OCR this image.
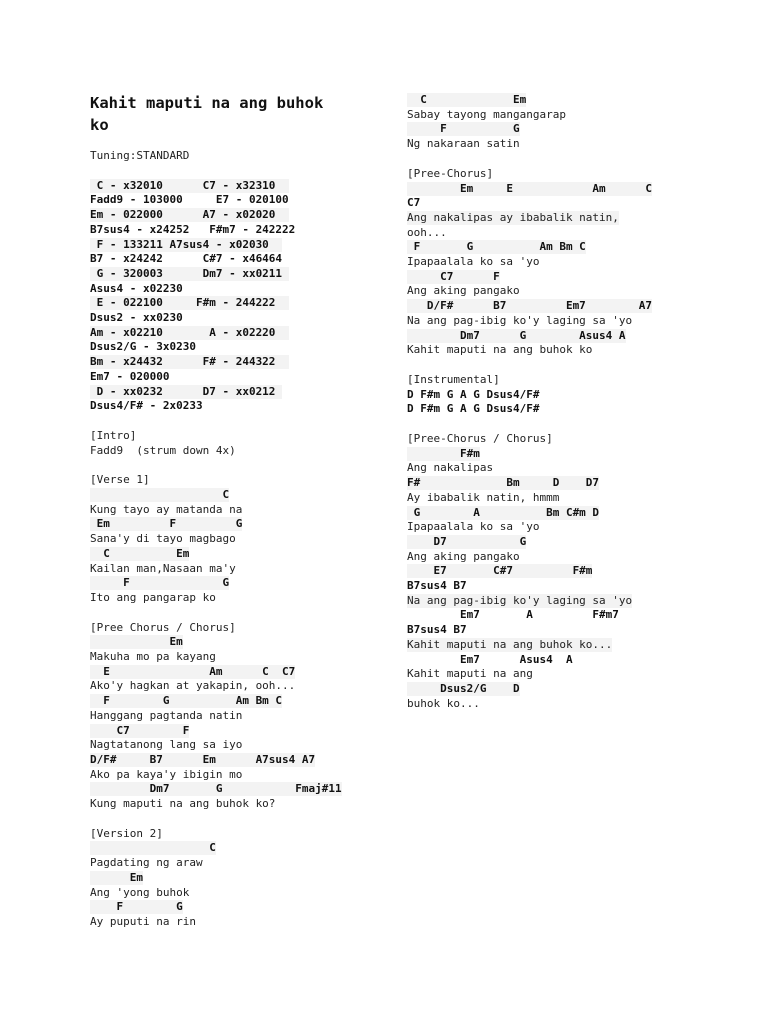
Kahit maputi na ang buhok
ko
Tuning:STANDARD
C - x32010      C7 - x32310
Fadd9 - 103000     E7 - 020100
Em - 022000      A7 - x02020
B7sus4 - x24252   F#m7 - 242222
F - 133211 A7sus4 - x02030
B7 - x24242      C#7 - x46464
G - 320003      Dm7 - xx0211
Asus4 - x02230
E - 022100     F#m - 244222
Dsus2 - xx0230
Am - x02210       A - x02220
Dsus2/G - 3x0230
Bm - x24432      F# - 244322
Em7 - 020000
D - xx0232      D7 - xx0212
Dsus4/F# - 2x0233
[Intro]
Fadd9  (strum down 4x)
[Verse 1]
C
Kung tayo ay matanda na
Em         F         G
Sana'y di tayo magbago
C          Em
Kailan man,Nasaan ma'y
F              G
Ito ang pangarap ko
[Pree Chorus / Chorus]
Em
Makuha mo pa kayang
E               Am      C  C7
Ako'y hagkan at yakapin, ooh...
F        G          Am Bm C
Hanggang pagtanda natin
C7        F
Nagtatanong lang sa iyo
D/F#     B7      Em      A7sus4 A7
Ako pa kaya'y ibigin mo
Dm7       G           Fmaj#11
Kung maputi na ang buhok ko?
[Version 2]
C
Pagdating ng araw
Em
Ang 'yong buhok
F        G
Ay puputi na rin
C             Em
Sabay tayong mangangarap
F          G
Ng nakaraan satin
[Pree-Chorus]
Em     E            Am      C
C7
Ang nakalipas ay ibabalik natin,
ooh...
F       G          Am Bm C
Ipapaalala ko sa 'yo
C7      F
Ang aking pangako
D/F#      B7         Em7        A7
Na ang pag-ibig ko'y laging sa 'yo
Dm7      G        Asus4 A
Kahit maputi na ang buhok ko
[Instrumental]
D F#m G A G Dsus4/F#
D F#m G A G Dsus4/F#
[Pree-Chorus / Chorus]
F#m
Ang nakalipas
F#             Bm     D    D7
Ay ibabalik natin, hmmm
G        A          Bm C#m D
Ipapaalala ko sa 'yo
D7           G
Ang aking pangako
E7       C#7         F#m
B7sus4 B7
Na ang pag-ibig ko'y laging sa 'yo
Em7       A         F#m7
B7sus4 B7
Kahit maputi na ang buhok ko...
Em7      Asus4  A
Kahit maputi na ang
Dsus2/G    D
buhok ko...
